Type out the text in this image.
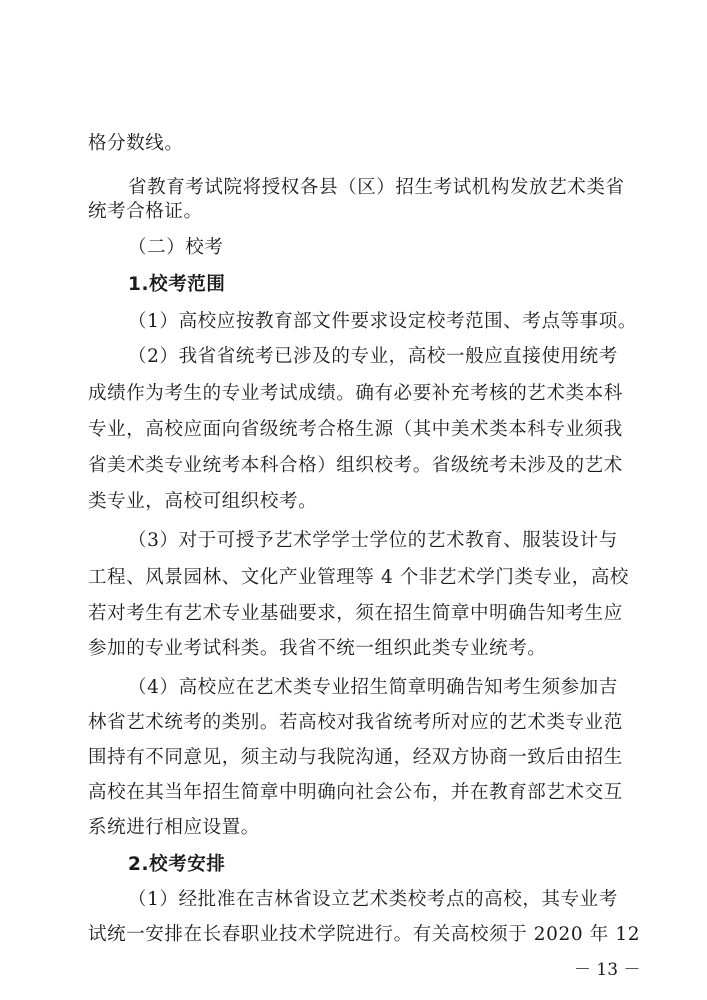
格分数线。
省教育考试院将授权各县（区）招生考试机构发放艺术类省
统考合格证。
（二）校考
1.校考范围
（1）高校应按教育部文件要求设定校考范围、考点等事项。
（2）我省省统考已涉及的专业，高校一般应直接使用统考
成绩作为考生的专业考试成绩。确有必要补充考核的艺术类本科
专业，高校应面向省级统考合格生源（其中美术类本科专业须我
省美术类专业统考本科合格）组织校考。省级统考未涉及的艺术
类专业，高校可组织校考。
（3）对于可授予艺术学学士学位的艺术教育、服装设计与
工程、风景园林、文化产业管理等 4 个非艺术学门类专业，高校
若对考生有艺术专业基础要求，须在招生简章中明确告知考生应
参加的专业考试科类。我省不统一组织此类专业统考。
（4）高校应在艺术类专业招生简章明确告知考生须参加吉
林省艺术统考的类别。若高校对我省统考所对应的艺术类专业范
围持有不同意见，须主动与我院沟通，经双方协商一致后由招生
高校在其当年招生简章中明确向社会公布，并在教育部艺术交互
系统进行相应设置。
2.校考安排
（1）经批准在吉林省设立艺术类校考点的高校，其专业考
试统一安排在长春职业技术学院进行。有关高校须于 2020 年 12
－ 13 －
